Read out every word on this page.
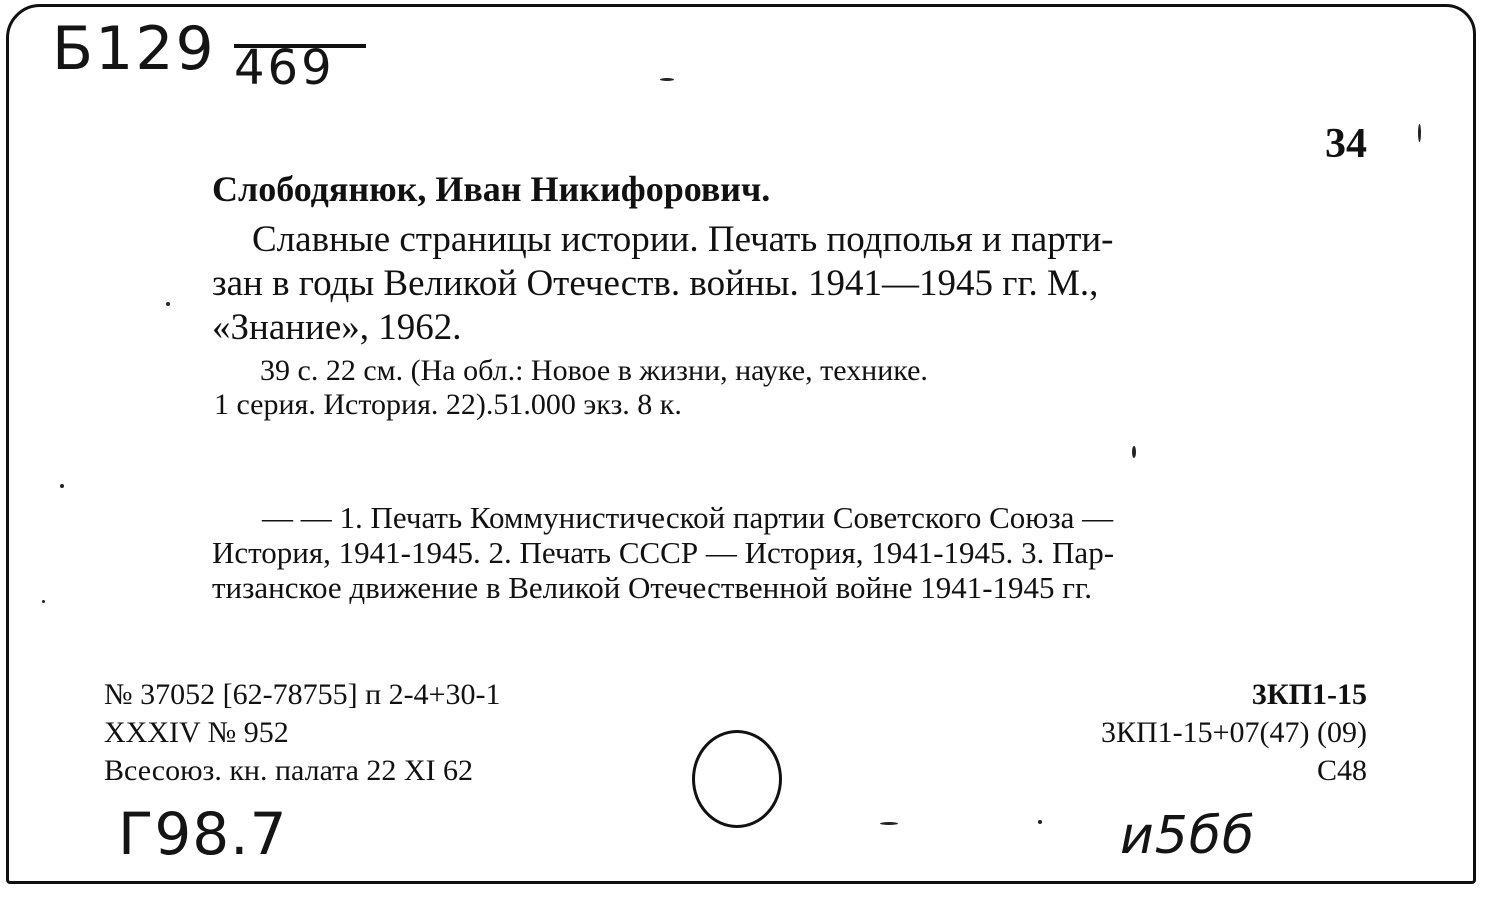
Б129 469
34
Слободянюк, Иван Никифорович.
Славные страницы истории. Печать подполья и парти-
зан в годы Великой Отечеств. войны. 1941—1945 гг. М.,
«Знание», 1962.
39 с. 22 см. (На обл.: Новое в жизни, науке, технике.
1 серия. История. 22).51.000 экз. 8 к.
— — 1. Печать Коммунистической партии Советского Союза —
История, 1941-1945. 2. Печать СССР — История, 1941-1945. 3. Пар-
тизанское движение в Великой Отечественной войне 1941-1945 гг.
№ 37052 [62-78755] п 2-4+30-1
XXXIV № 952
Всесоюз. кн. палата 22 XI 62
3КП1-15
3КП1-15+07(47) (09)
С48
Г98.7	и5бб
